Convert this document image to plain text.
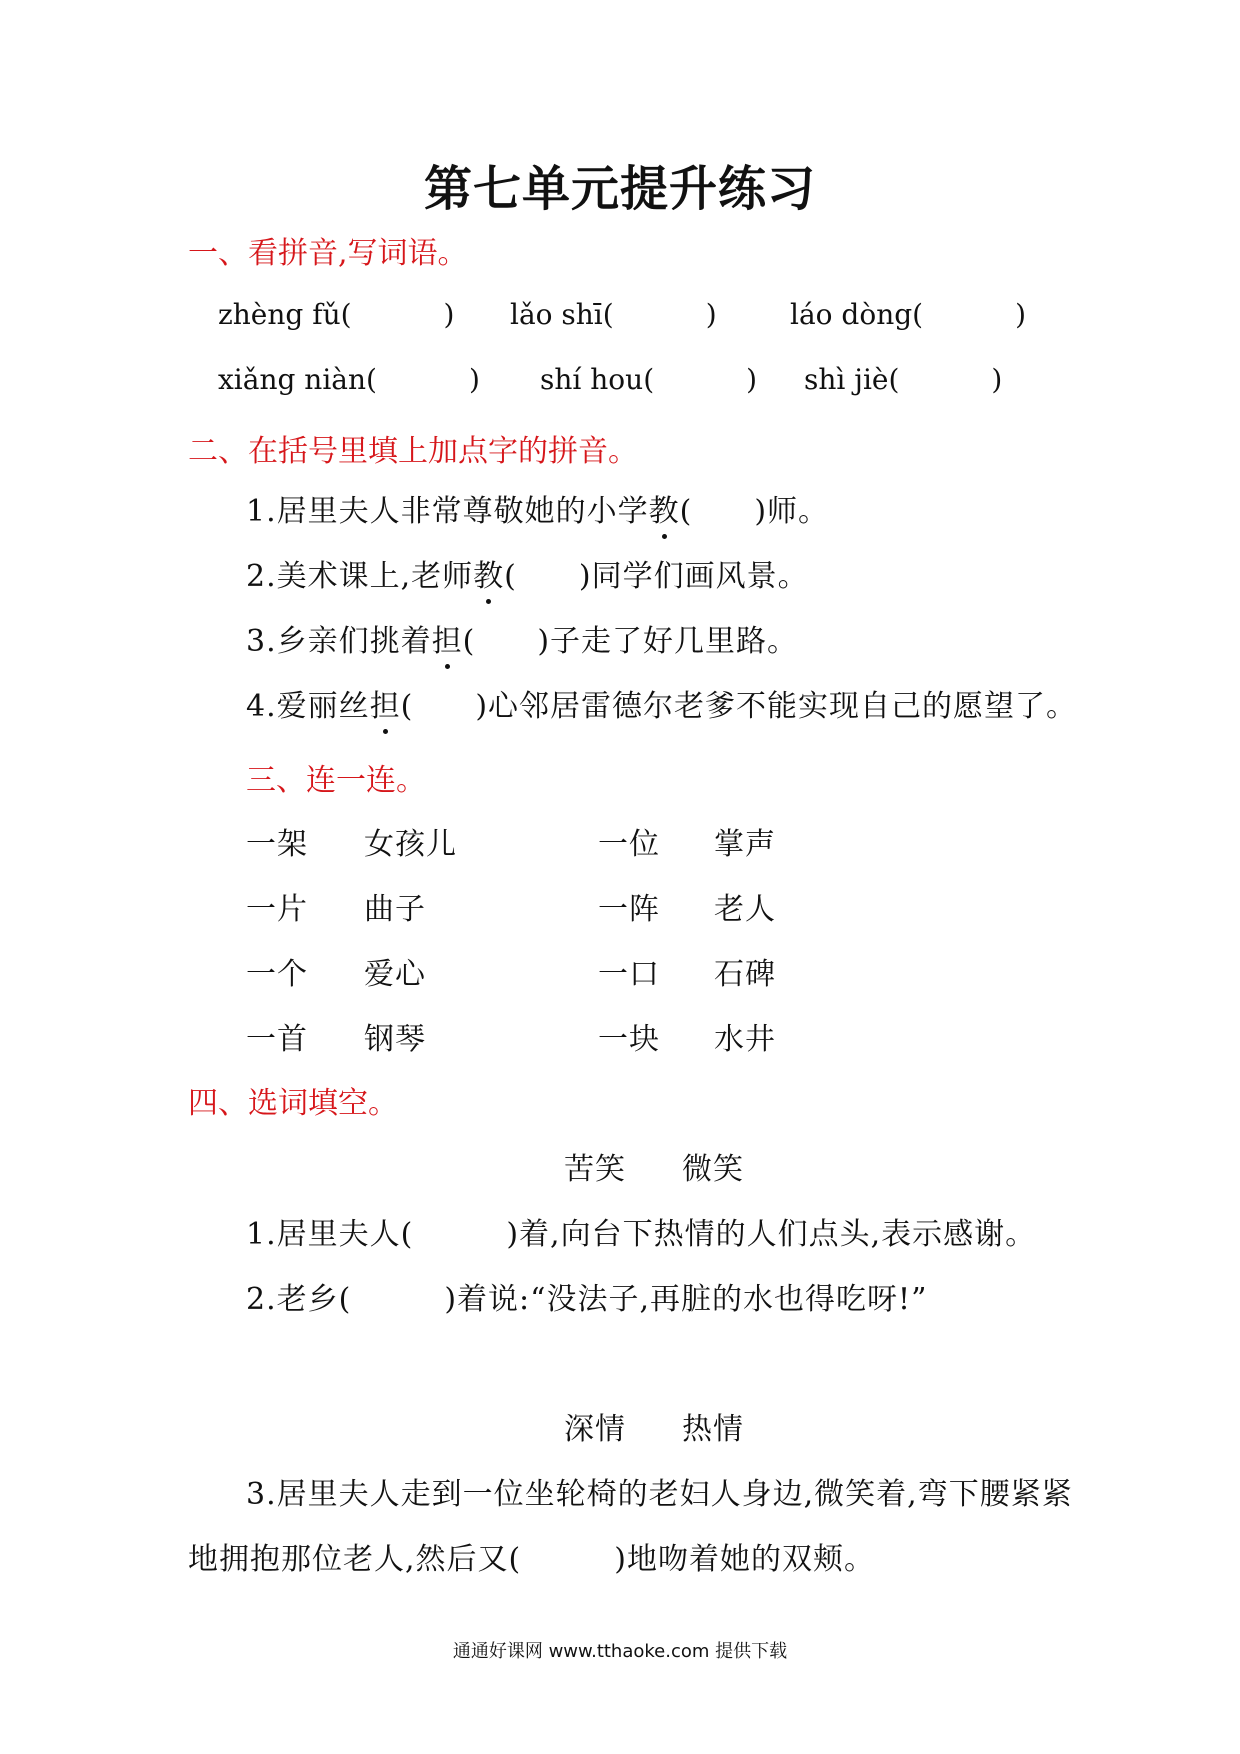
第七单元提升练习
一、看拼音,写词语。
zhèng fǔ(	) lǎo shī(	)	láo dòng(	)
xiǎng niàn(	) shí hou(	) shì jiè(	)
二、在括号里填上加点字的拼音。
1.居里夫人非常尊敬她的小学教(　　)师。
2.美术课上,老师教(　　)同学们画风景。
3.乡亲们挑着担(　　)子走了好几里路。
4.爱丽丝担(　　)心邻居雷德尔老爹不能实现自己的愿望了。
三、连一连。
一架 女孩儿	一位 掌声
一片 曲子	一阵 老人
一个 爱心	一口 石碑
一首 钢琴	一块 水井
四、选词填空。
苦笑 微笑
1.居里夫人(　　　)着,向台下热情的人们点头,表示感谢。
2.老乡(　　　)着说:“没法子,再脏的水也得吃呀!”
深情 热情
3.居里夫人走到一位坐轮椅的老妇人身边,微笑着,弯下腰紧紧
地拥抱那位老人,然后又(　　　)地吻着她的双颊。
通通好课网 www.tthaoke.com 提供下载
